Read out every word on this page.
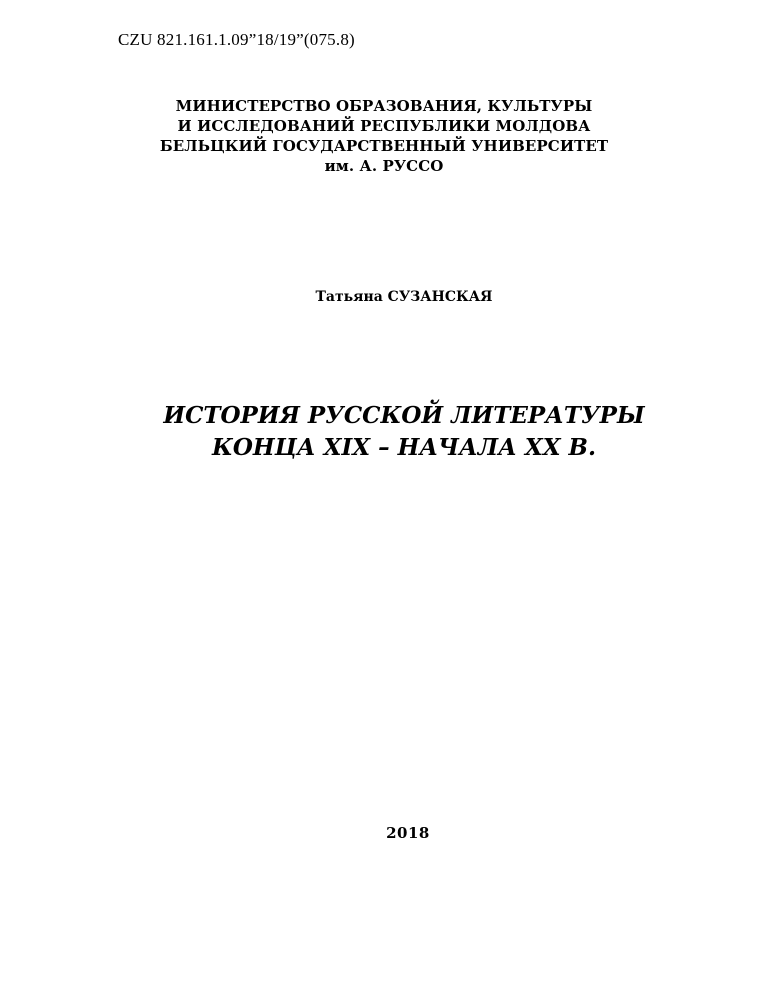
CZU 821.161.1.09”18/19”(075.8)
МИНИСТЕРСТВО ОБРАЗОВАНИЯ, КУЛЬТУРЫ
И ИССЛЕДОВАНИЙ РЕСПУБЛИКИ МОЛДОВА
БЕЛЬЦКИЙ ГОСУДАРСТВЕННЫЙ УНИВЕРСИТЕТ
им. А. РУССО
Татьяна СУЗАНСКАЯ
ИСТОРИЯ РУССКОЙ ЛИТЕРАТУРЫ
КОНЦА XIX – НАЧАЛА XX В.
2018
